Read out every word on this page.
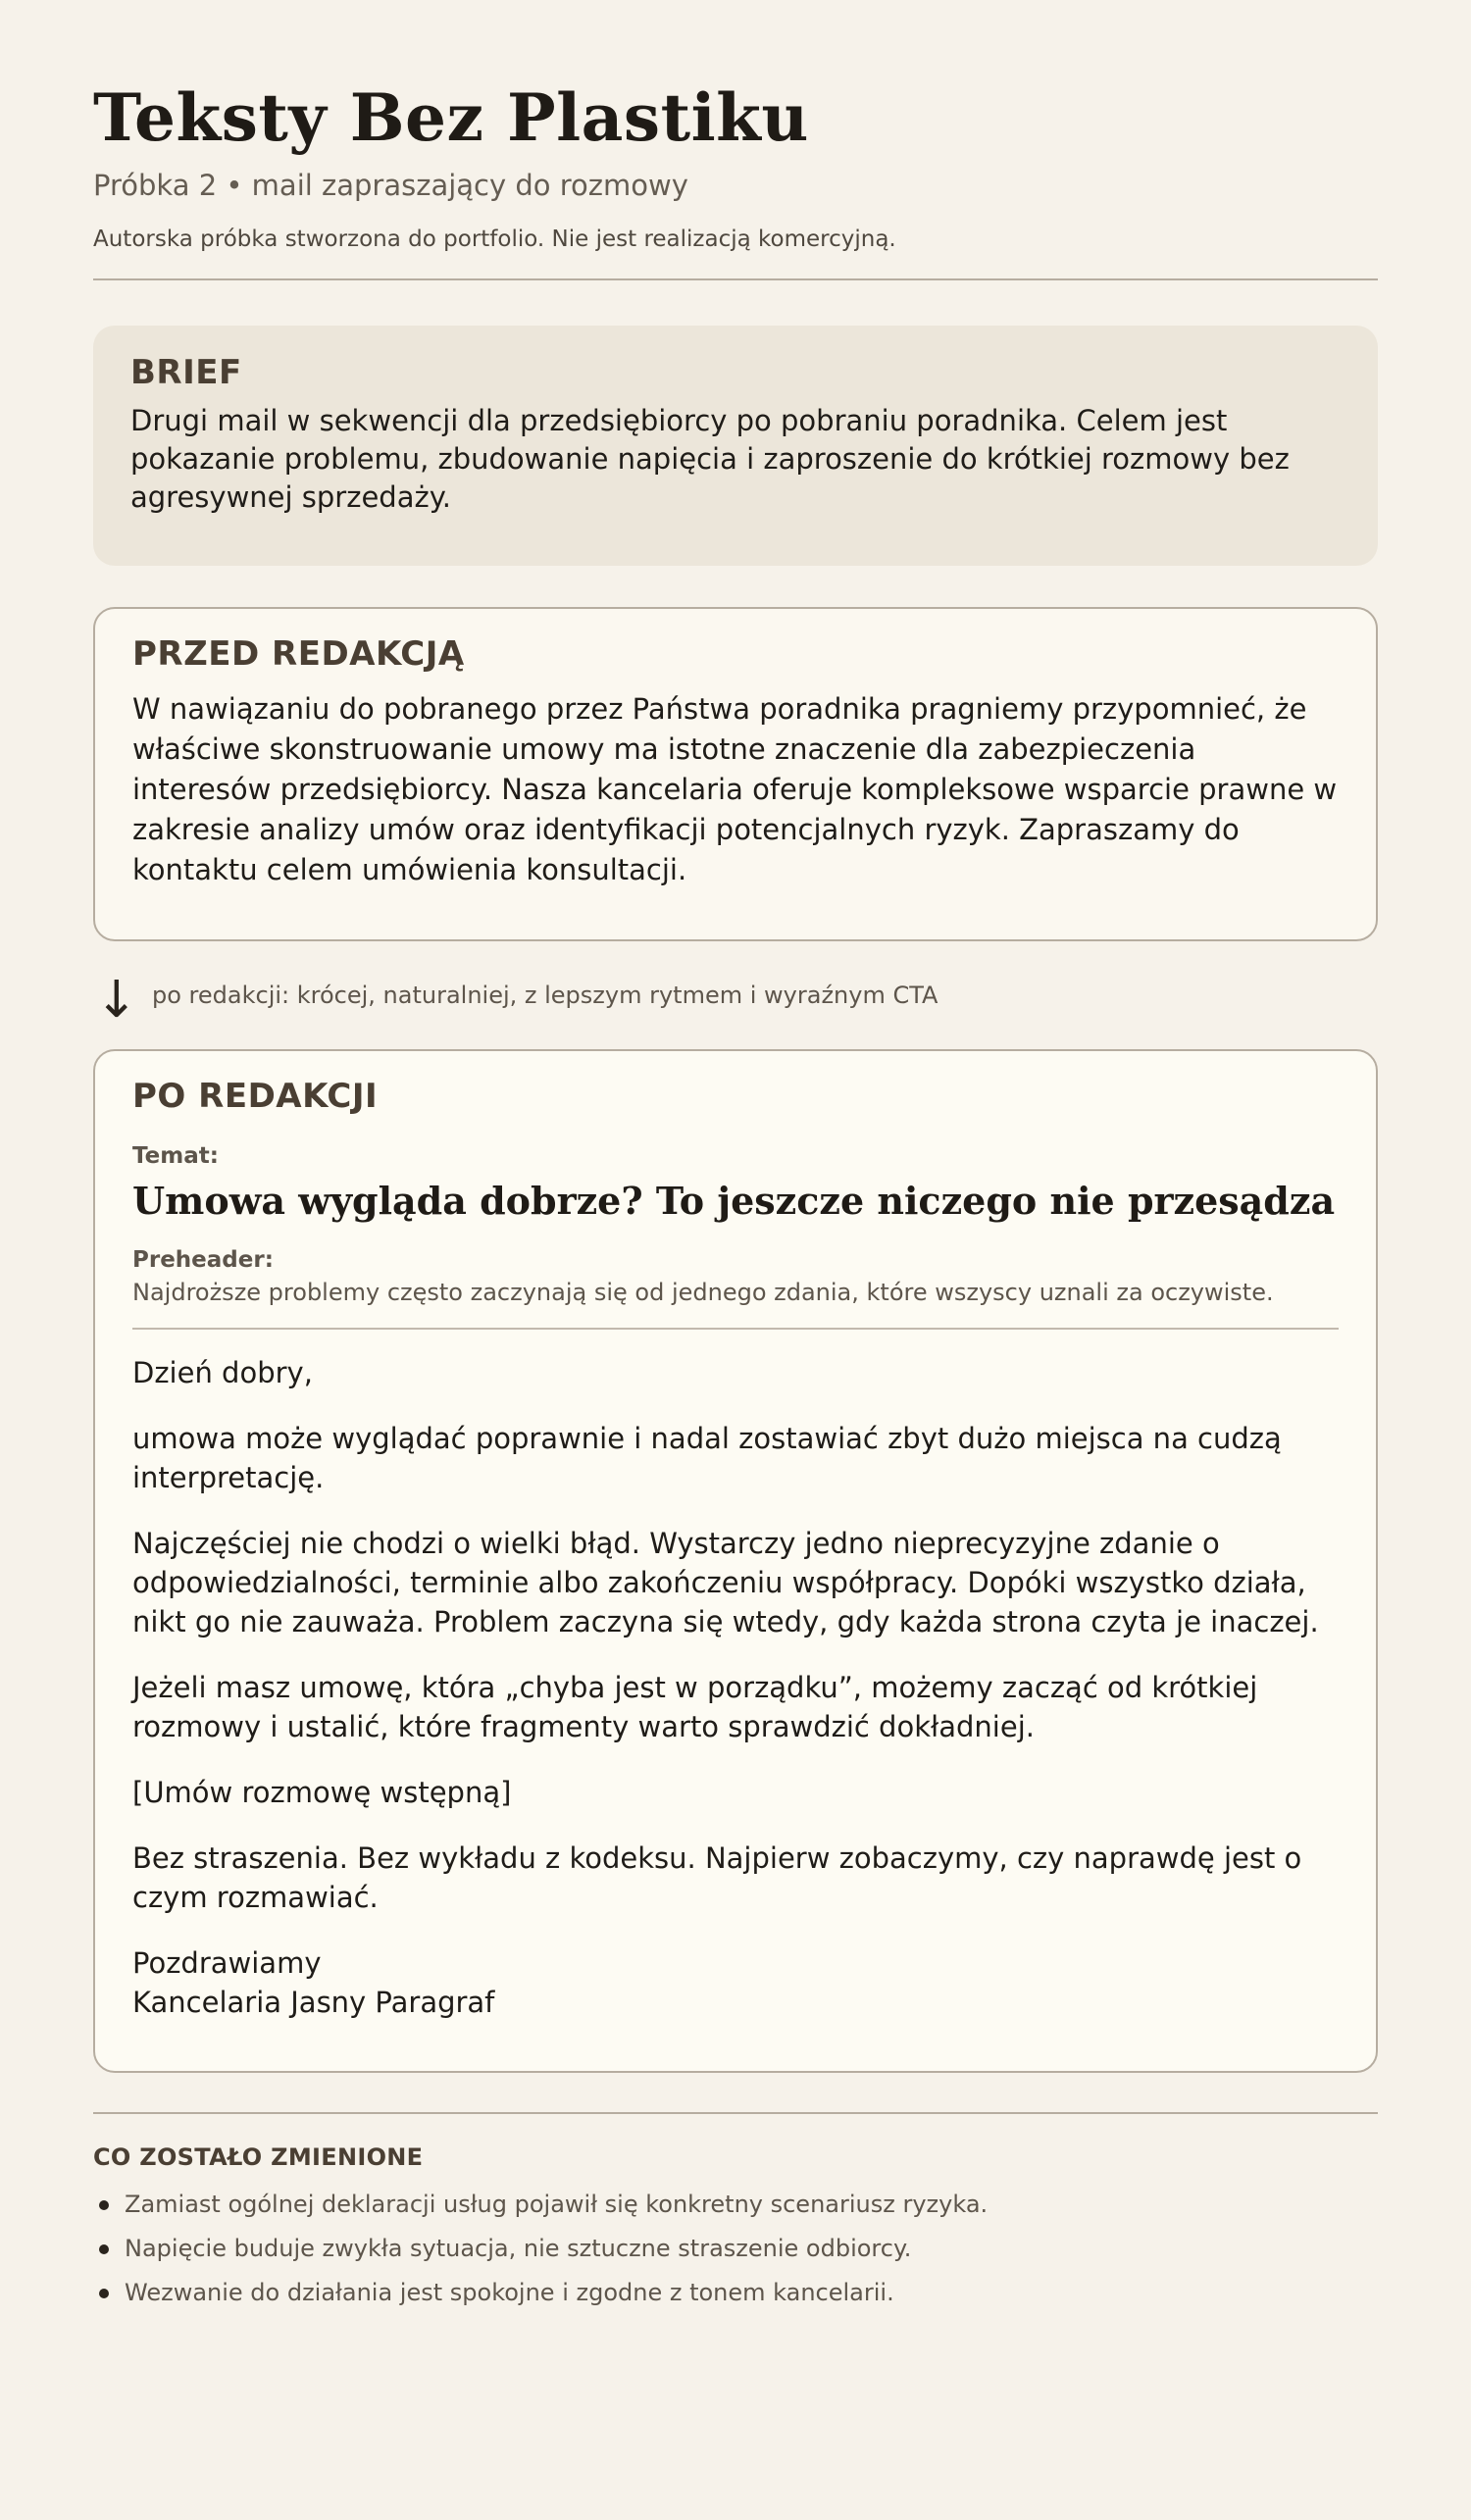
Teksty Bez Plastiku
Próbka 2 • mail zapraszający do rozmowy
Autorska próbka stworzona do portfolio. Nie jest realizacją komercyjną.
BRIEF

Drugi mail w sekwencji dla przedsiębiorcy po pobraniu poradnika. Celem jest pokazanie problemu, zbudowanie napięcia i zaproszenie do krótkiej rozmowy bez agresywnej sprzedaży.

PRZED REDAKCJĄ

W nawiązaniu do pobranego przez Państwa poradnika pragniemy przypomnieć, że właściwe skonstruowanie umowy ma istotne znaczenie dla zabezpieczenia interesów przedsiębiorcy. Nasza kancelaria oferuje kompleksowe wsparcie prawne w zakresie analizy umów oraz identyfikacji potencjalnych ryzyk. Zapraszamy do kontaktu celem umówienia konsultacji.

↓ po redakcji: krócej, naturalniej, z lepszym rytmem i wyraźnym CTA
PO REDAKCJI
Temat:
Umowa wygląda dobrze? To jeszcze niczego nie przesądza
Preheader:
Najdroższe problemy często zaczynają się od jednego zdania, które wszyscy uznali za oczywiste.

Dzień dobry,

umowa może wyglądać poprawnie i nadal zostawiać zbyt dużo miejsca na cudzą interpretację.

Najczęściej nie chodzi o wielki błąd. Wystarczy jedno nieprecyzyjne zdanie o odpowiedzialności, terminie albo zakończeniu współpracy. Dopóki wszystko działa, nikt go nie zauważa. Problem zaczyna się wtedy, gdy każda strona czyta je inaczej.

Jeżeli masz umowę, która „chyba jest w porządku”, możemy zacząć od krótkiej rozmowy i ustalić, które fragmenty warto sprawdzić dokładniej.

[Umów rozmowę wstępną]

Bez straszenia. Bez wykładu z kodeksu. Najpierw zobaczymy, czy naprawdę jest o czym rozmawiać.

Pozdrawiamy
Kancelaria Jasny Paragraf

CO ZOSTAŁO ZMIENIONE
Zamiast ogólnej deklaracji usług pojawił się konkretny scenariusz ryzyka.
Napięcie buduje zwykła sytuacja, nie sztuczne straszenie odbiorcy.
Wezwanie do działania jest spokojne i zgodne z tonem kancelarii.
